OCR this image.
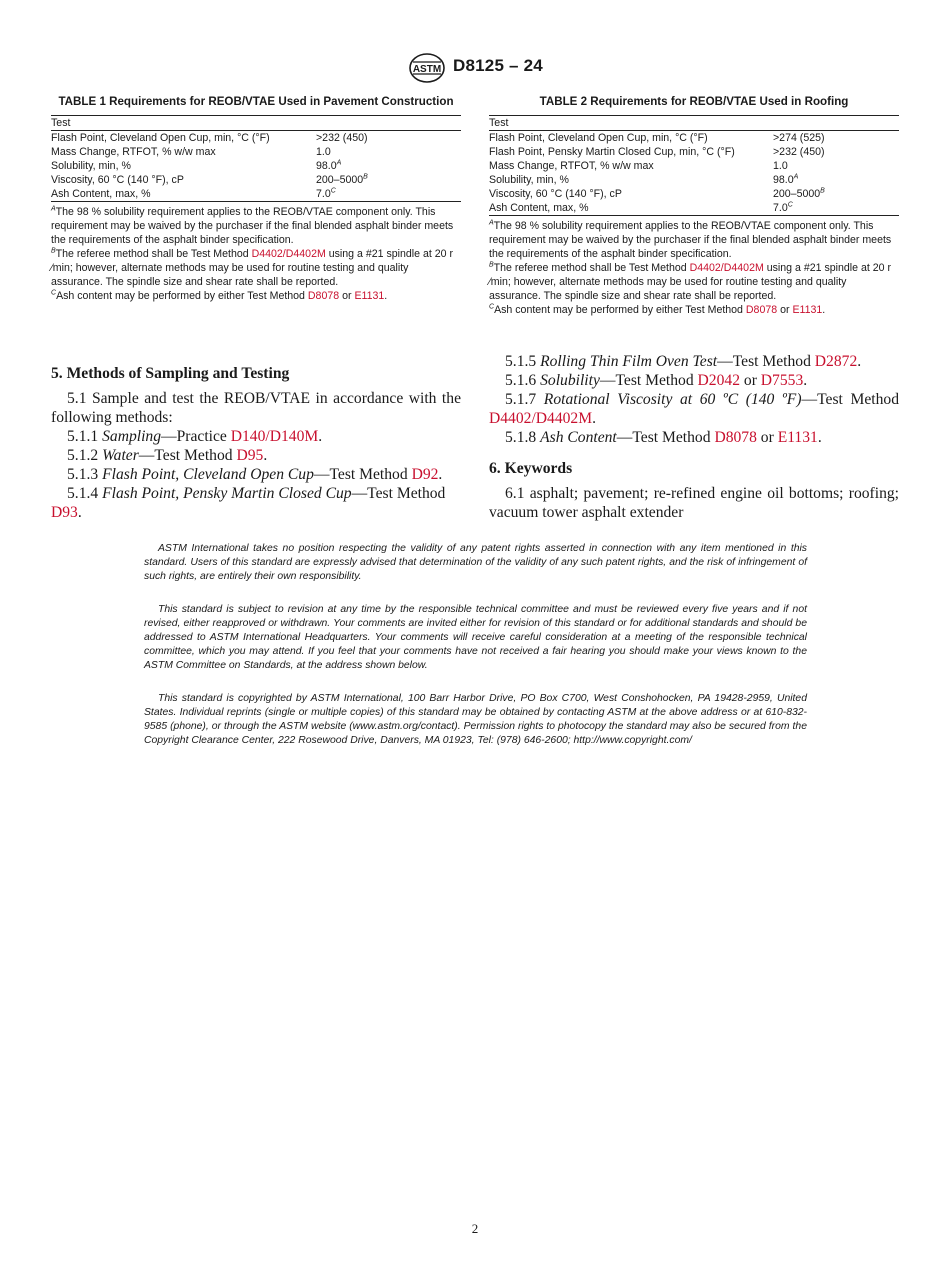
ASTM D8125 – 24
TABLE 1 Requirements for REOB/VTAE Used in Pavement Construction
Test
Flash Point, Cleveland Open Cup, min, °C (°F)	>232 (450)
Mass Change, RTFOT, % w/w max	1.0
Solubility, min, %	$98.0^A$
Viscosity, 60 °C (140 °F), cP	$200-5000^B$
Ash Content, max, %	$7.0^C$

$^A$The 98 % solubility requirement applies to the REOB/VTAE component only. This requirement may be waived by the purchaser if the final blended asphalt binder meets the requirements of the asphalt binder specification.

$^B$The referee method shall be Test Method D4402/D4402M using a #21 spindle at 20 r ⁄min; however, alternate methods may be used for routine testing and quality assurance. The spindle size and shear rate shall be reported.

$^C$Ash content may be performed by either Test Method D8078 or E1131.

TABLE 2 Requirements for REOB/VTAE Used in Roofing
Test
Flash Point, Cleveland Open Cup, min, °C (°F)	>274 (525)
Flash Point, Pensky Martin Closed Cup, min, °C (°F)	>232 (450)
Mass Change, RTFOT, % w/w max	1.0
Solubility, min, %	$98.0^A$
Viscosity, 60 °C (140 °F), cP	$200-5000^B$
Ash Content, max, %	$7.0^C$

$^A$The 98 % solubility requirement applies to the REOB/VTAE component only. This requirement may be waived by the purchaser if the final blended asphalt binder meets the requirements of the asphalt binder specification.

$^B$The referee method shall be Test Method D4402/D4402M using a #21 spindle at 20 r ⁄min; however, alternate methods may be used for routine testing and quality assurance. The spindle size and shear rate shall be reported.

$^C$Ash content may be performed by either Test Method D8078 or E1131.

5. Methods of Sampling and Testing

5.1 Sample and test the REOB/VTAE in accordance with the following methods:

5.1.1 Sampling—Practice D140/D140M.

5.1.2 Water—Test Method D95.

5.1.3 Flash Point, Cleveland Open Cup—Test Method D92.

5.1.4 Flash Point, Pensky Martin Closed Cup—Test Method D93.

5.1.5 Rolling Thin Film Oven Test—Test Method D2872.

5.1.6 Solubility—Test Method D2042 or D7553.

5.1.7 Rotational Viscosity at 60 ºC (140 ºF)—Test Method D4402/D4402M.

5.1.8 Ash Content—Test Method D8078 or E1131.

6. Keywords

6.1 asphalt; pavement; re-refined engine oil bottoms; roofing; vacuum tower asphalt extender

ASTM International takes no position respecting the validity of any patent rights asserted in connection with any item mentioned in this standard. Users of this standard are expressly advised that determination of the validity of any such patent rights, and the risk of infringement of such rights, are entirely their own responsibility.

This standard is subject to revision at any time by the responsible technical committee and must be reviewed every five years and if not revised, either reapproved or withdrawn. Your comments are invited either for revision of this standard or for additional standards and should be addressed to ASTM International Headquarters. Your comments will receive careful consideration at a meeting of the responsible technical committee, which you may attend. If you feel that your comments have not received a fair hearing you should make your views known to the ASTM Committee on Standards, at the address shown below.

This standard is copyrighted by ASTM International, 100 Barr Harbor Drive, PO Box C700, West Conshohocken, PA 19428-2959, United States. Individual reprints (single or multiple copies) of this standard may be obtained by contacting ASTM at the above address or at 610-832-9585 (phone), or through the ASTM website (www.astm.org/contact). Permission rights to photocopy the standard may also be secured from the Copyright Clearance Center, 222 Rosewood Drive, Danvers, MA 01923, Tel: (978) 646-2600; http://www.copyright.com/

2
